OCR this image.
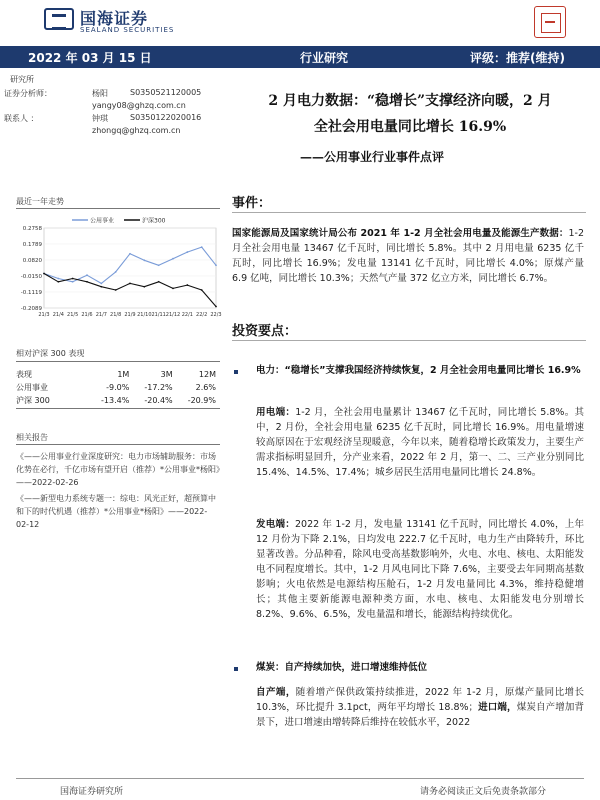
国海证券
SEALAND SECURITIES
2022 年 03 月 15 日	行业研究	评级：推荐(维持)
研究所
证券分析师：	杨阳	S0350521120005
yangy08@ghzq.com.cn
联系人 ：	钟琪	S0350122020016
zhongq@ghzq.com.cn
最近一年走势
公用事业	沪深300
0.2758
0.1789
0.0820
-0.0150
-0.1119
-0.2089
21/3 21/4 21/5 21/6 21/7 21/8 21/9 21/10 21/11 21/12 22/1 22/2 22/3
相对沪深 300 表现
表现	1M	3M	12M
公用事业	-9.0%	-17.2%	2.6%
沪深 300	-13.4%	-20.4%	-20.9%
相关报告
《——公用事业行业深度研究：电力市场辅助服务：市场化势在必行，千亿市场有望开启（推荐）*公用事业*杨阳》——2022-02-26
《——新型电力系统专题一：综电：风光正好，超预算中和下的时代机遇（推荐）*公用事业*杨阳》——2022-02-12
2 月电力数据：“稳增长”支撑经济向暖，2 月
全社会用电量同比增长 16.9%
——公用事业行业事件点评
事件：
国家能源局及国家统计局公布 2021 年 1-2 月全社会用电量及能源生产数据：1-2 月全社会用电量 13467 亿千瓦时，同比增长 5.8%。其中 2 月用电量 6235 亿千瓦时，同比增长 16.9%；发电量 13141 亿千瓦时，同比增长 4.0%；原煤产量 6.9 亿吨，同比增长 10.3%；天然气产量 372 亿立方米，同比增长 6.7%。
投资要点：
电力：“稳增长”支撑我国经济持续恢复，2 月全社会用电量同比增长 16.9%
用电端：1-2 月，全社会用电量累计 13467 亿千瓦时，同比增长 5.8%。其中，2 月份，全社会用电量 6235 亿千瓦时，同比增长 16.9%。用电量增速较高原因在于宏观经济呈现暖意，今年以来，随着稳增长政策发力，主要生产需求指标明显回升，分产业来看，2022 年 2 月，第一、二、三产业分别同比 15.4%、14.5%、17.4%；城乡居民生活用电量同比增长 24.8%。
发电端：2022 年 1-2 月，发电量 13141 亿千瓦时，同比增长 4.0%，上年 12 月份为下降 2.1%，日均发电 222.7 亿千瓦时，电力生产由降转升，环比显著改善。分品种看，除风电受高基数影响外，火电、水电、核电、太阳能发电不同程度增长。其中，1-2 月风电同比下降 7.6%，主要受去年同期高基数影响；火电依然是电源结构压舱石，1-2 月发电量同比 4.3%，维持稳健增长；其他主要新能源电源种类方面，水电、核电、太阳能发电分别增长 8.2%、9.6%、6.5%，发电量温和增长，能源结构持续优化。
煤炭：自产持续加快，进口增速维持低位
自产端，随着增产保供政策持续推进，2022 年 1-2 月，原煤产量同比增长 10.3%，环比提升 3.1pct，两年平均增长 18.8%；进口端，煤炭自产增加背景下，进口增速由增转降后维持在较低水平，2022
国海证券研究所	请务必阅读正文后免责条款部分
